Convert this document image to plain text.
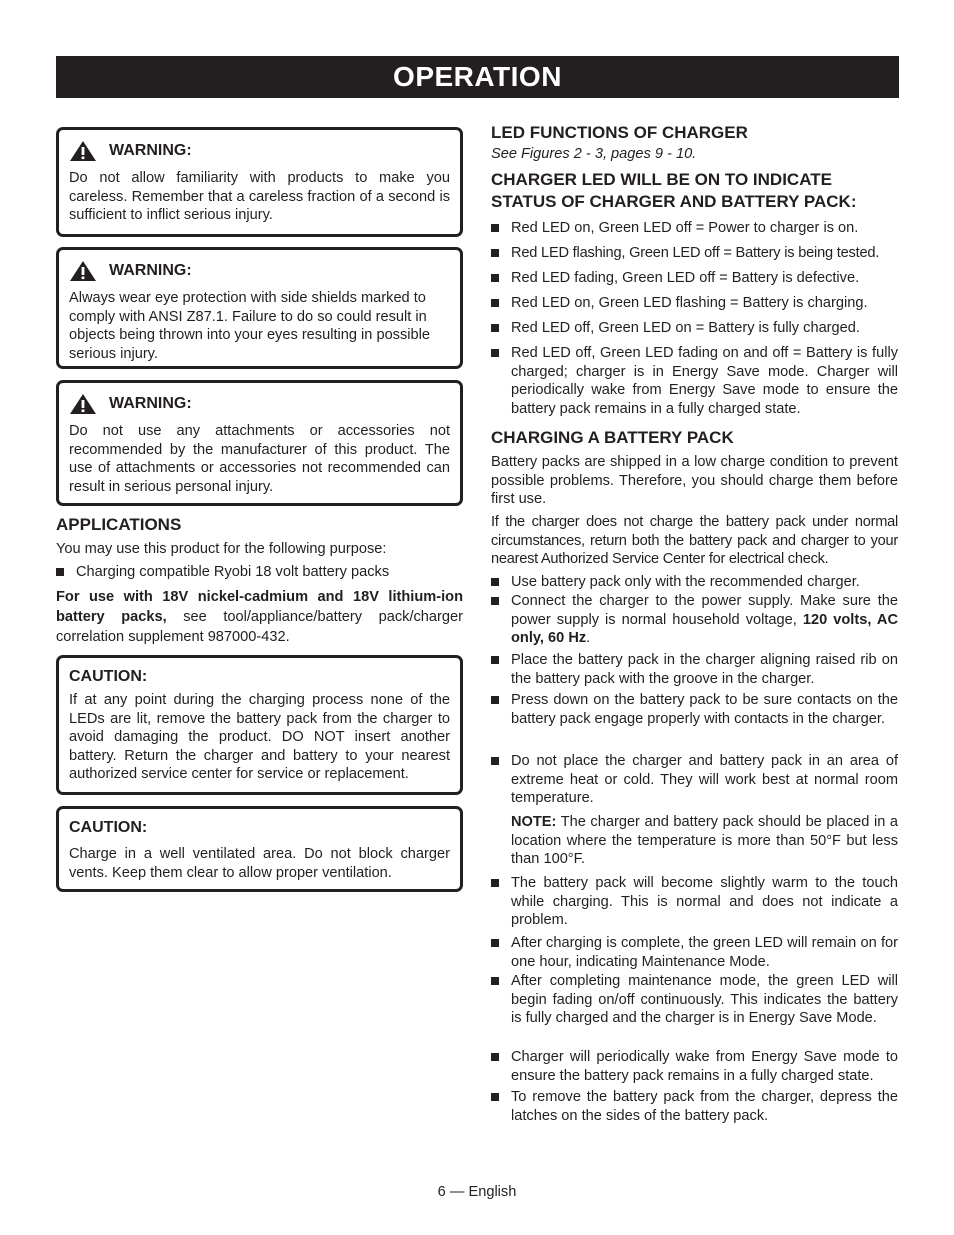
OPERATION
WARNING:
Do not allow familiarity with products to make you careless. Remember that a careless fraction of a second is sufficient to inflict serious injury.
WARNING:
Always wear eye protection with side shields marked to comply with ANSI Z87.1. Failure to do so could result in objects being thrown into your eyes resulting in possible serious injury.
WARNING:
Do not use any attachments or accessories not recommended by the manufacturer of this product. The use of attachments or accessories not recommended can result in serious personal injury.
APPLICATIONS
You may use this product for the following purpose:
Charging compatible Ryobi 18 volt battery packs
For use with 18V nickel-cadmium and 18V lithium-ion battery packs, see tool/appliance/battery pack/charger correlation supplement 987000-432.
CAUTION:
If at any point during the charging process none of the LEDs are lit, remove the battery pack from the charger to avoid damaging the product. DO NOT insert another battery. Return the charger and battery to your nearest authorized service center for service or replacement.
CAUTION:
Charge in a well ventilated area. Do not block charger vents. Keep them clear to allow proper ventilation.
LED FUNCTIONS OF CHARGER
See Figures 2 - 3, pages 9 - 10.
CHARGER LED WILL BE ON TO INDICATE STATUS OF CHARGER AND BATTERY PACK:
Red LED on, Green LED off = Power to charger is on.
Red LED flashing, Green LED off = Battery is being tested.
Red LED fading, Green LED off = Battery is defective.
Red LED on, Green LED flashing = Battery is charging.
Red LED off, Green LED on = Battery is fully charged.
Red LED off, Green LED fading on and off = Battery is fully charged; charger is in Energy Save mode. Charger will periodically wake from Energy Save mode to ensure the battery pack remains in a fully charged state.
CHARGING A BATTERY PACK
Battery packs are shipped in a low charge condition to prevent possible problems. Therefore, you should charge them before first use.
If the charger does not charge the battery pack under normal circumstances, return both the battery pack and charger to your nearest Authorized Service Center for electrical check.
Use battery pack only with the recommended charger.
Connect the charger to the power supply. Make sure the power supply is normal household voltage, 120 volts, AC only, 60 Hz.
Place the battery pack in the charger aligning raised rib on the battery pack with the groove in the charger.
Press down on the battery pack to be sure contacts on the battery pack engage properly with contacts in the charger.
Do not place the charger and battery pack in an area of extreme heat or cold. They will work best at normal room temperature.
NOTE: The charger and battery pack should be placed in a location where the temperature is more than 50°F but less than 100°F.
The battery pack will become slightly warm to the touch while charging. This is normal and does not indicate a problem.
After charging is complete, the green LED will remain on for one hour, indicating Maintenance Mode.
After completing maintenance mode, the green LED will begin fading on/off continuously. This indicates the battery is fully charged and the charger is in Energy Save Mode.
Charger will periodically wake from Energy Save mode to ensure the battery pack remains in a fully charged state.
To remove the battery pack from the charger, depress the latches on the sides of the battery pack.
6 — English
